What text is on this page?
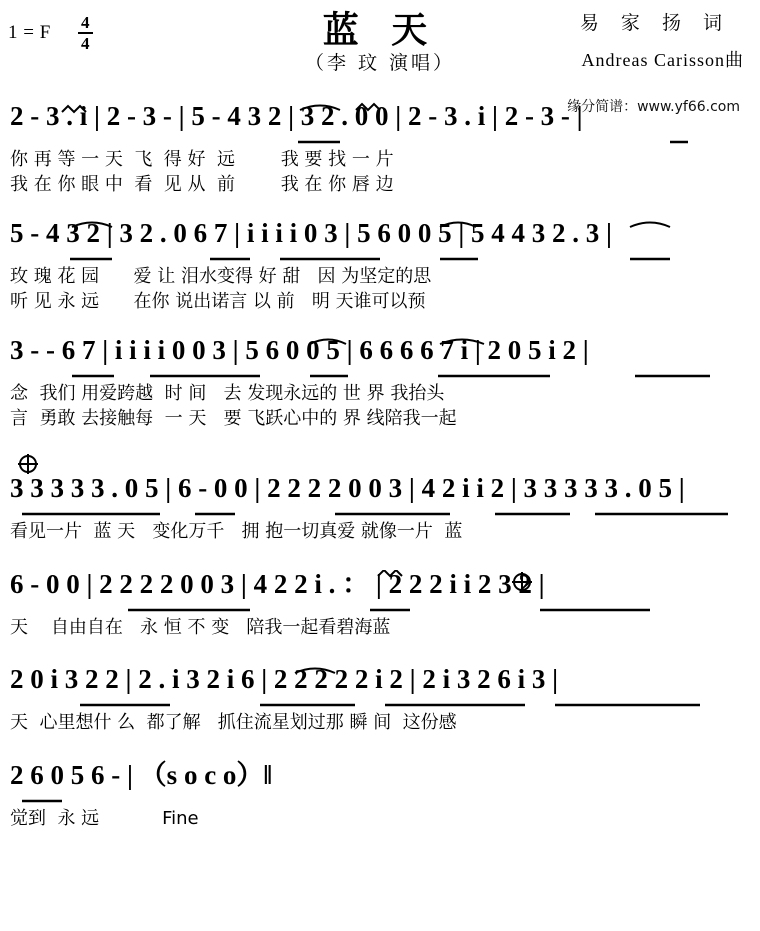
1 = F $\frac{4}{4}$	蓝 天
（李 玟 演唱）
易 家 扬 词
Andreas Carisson曲
缘分简谱：www.yf66.com
2 - 3 . i | 2 - 3 - | 5 - 4 3 2 | 3 2 . 0 0 | 2 - 3 . i | 2 - 3 - |
你 再 等 一 天  飞  得 好  远        我 要 找 一 片
我 在 你 眼 中  看  见 从  前        我 在 你 唇 边
5 - 4 3 2 | 3 2 . 0 6 7 | i i i i 0 3 | 5 6 0 0 5 | 5 4 4 3 2 . 3 |
玫 瑰 花 园      爱 让 泪水变得 好 甜   因 为坚定的思
听 见 永 远      在你 说出诺言 以 前   明 天谁可以预
3 - - 6 7 | i i i i 0 0 3 | 5 6 0 0 5 | 6 6 6 6 7 i | 2 0 5 i 2 |
念  我们 用爱跨越  时 间   去 发现永远的 世 界 我抬头
言  勇敢 去接触每  一 天   要 飞跃心中的 界 线陪我一起
3 3 3 3 3 . 0 5 | 6 - 0 0 | 2 2 2 2 0 0 3 | 4 2 i i 2 | 3 3 3 3 3 . 0 5 |
看见一片  蓝 天   变化万千   拥 抱一切真爱 就像一片  蓝
6 - 0 0 | 2 2 2 2 0 0 3 | 4 2 2 i . ： | 2 2 2 i i 2 3 2 |
天    自由自在   永 恒 不 变   陪我一起看碧海蓝
2 0 i 3 2 2 | 2 . i 3 2 i 6 | 2 2 2 2 2 i 2 | 2 i 3 2 6 i 3 |
天  心里想什 么  都了解   抓住流星划过那 瞬 间  这份感
2 6 0 5 6 - | （s o c o）‖
觉到  永 远           Fine
